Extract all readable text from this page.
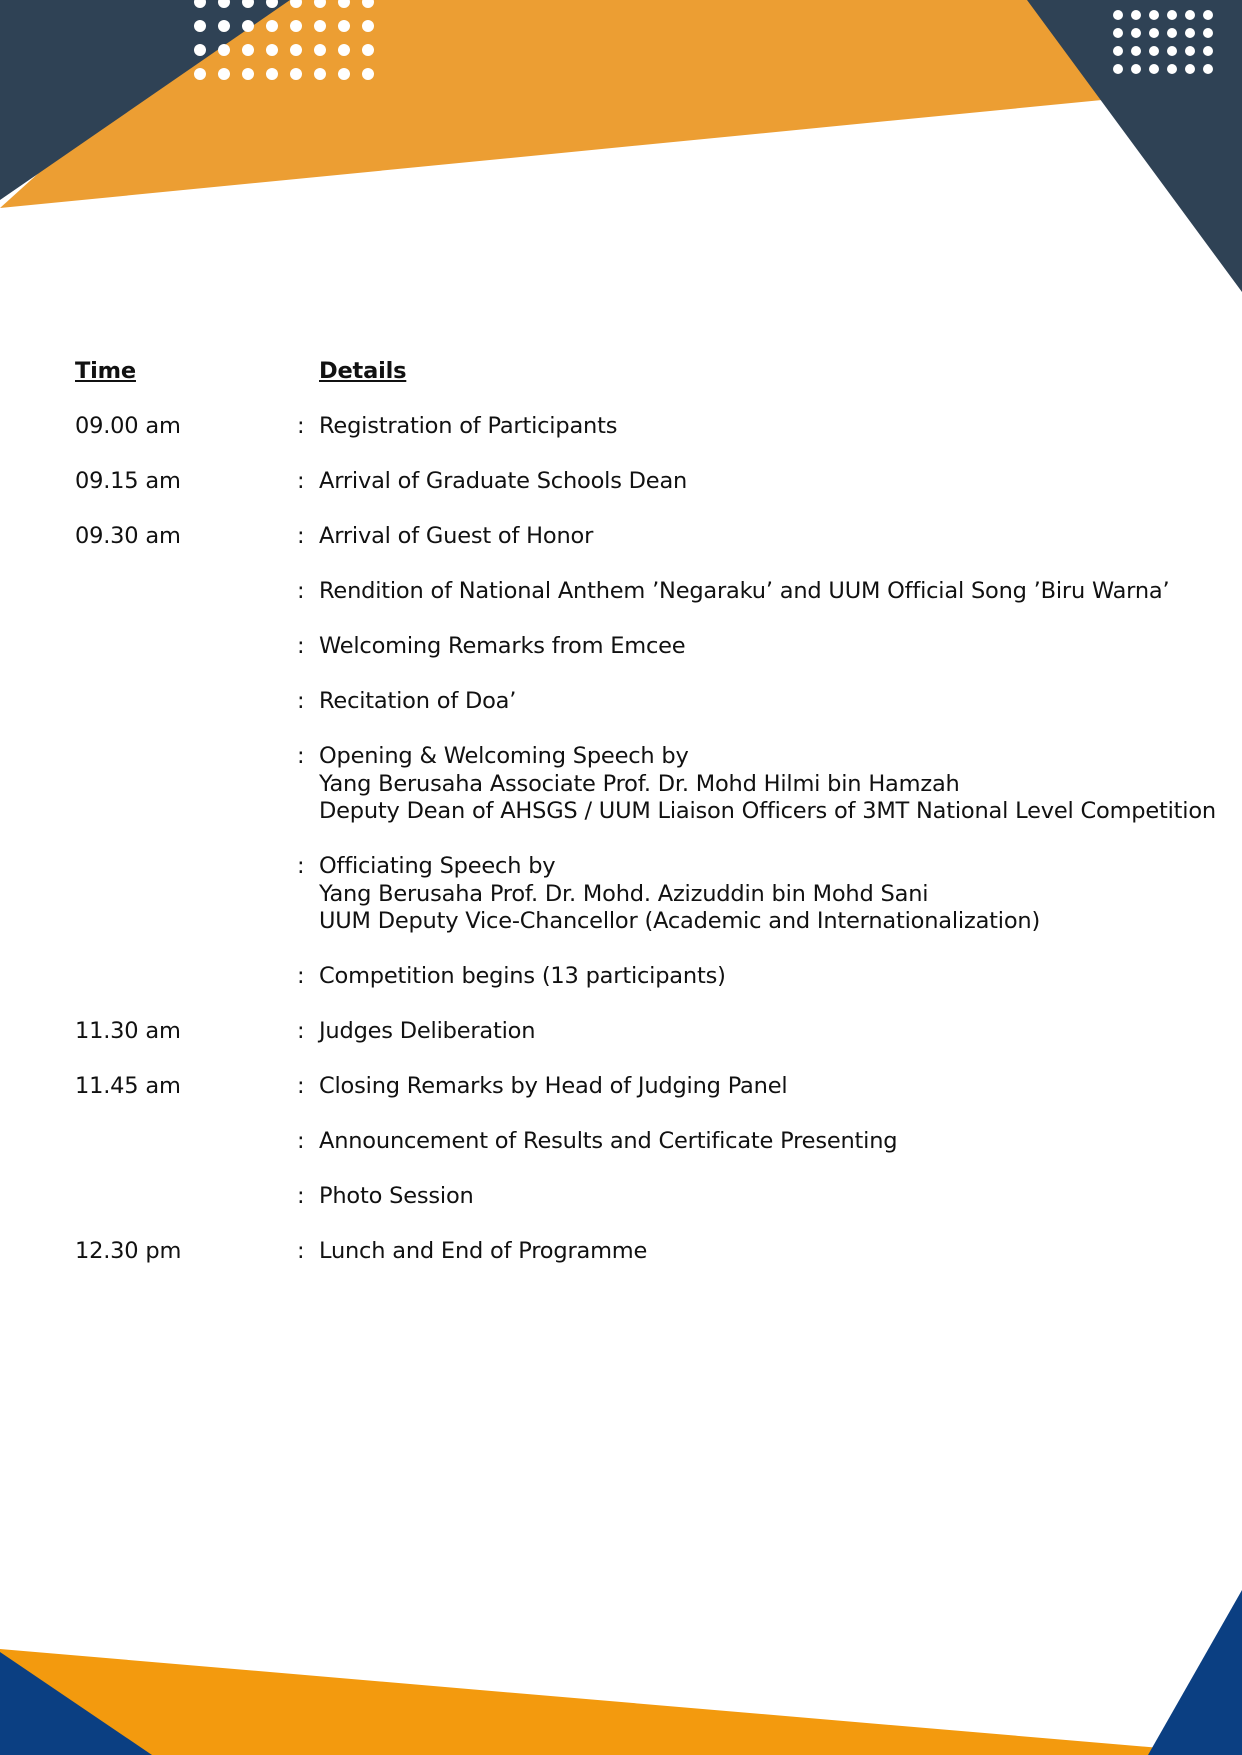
Time	Details
09.00 am	: Registration of Participants
09.15 am	: Arrival of Graduate Schools Dean
09.30 am	: Arrival of Guest of Honor
: Rendition of National Anthem ’Negaraku’ and UUM Official Song ’Biru Warna’
: Welcoming Remarks from Emcee
: Recitation of Doa’
: Opening & Welcoming Speech by
Yang Berusaha Associate Prof. Dr. Mohd Hilmi bin Hamzah
Deputy Dean of AHSGS / UUM Liaison Officers of 3MT National Level Competition
: Officiating Speech by
Yang Berusaha Prof. Dr. Mohd. Azizuddin bin Mohd Sani
UUM Deputy Vice-Chancellor (Academic and Internationalization)
: Competition begins (13 participants)
11.30 am	: Judges Deliberation
11.45 am	: Closing Remarks by Head of Judging Panel
: Announcement of Results and Certificate Presenting
: Photo Session
12.30 pm	: Lunch and End of Programme
